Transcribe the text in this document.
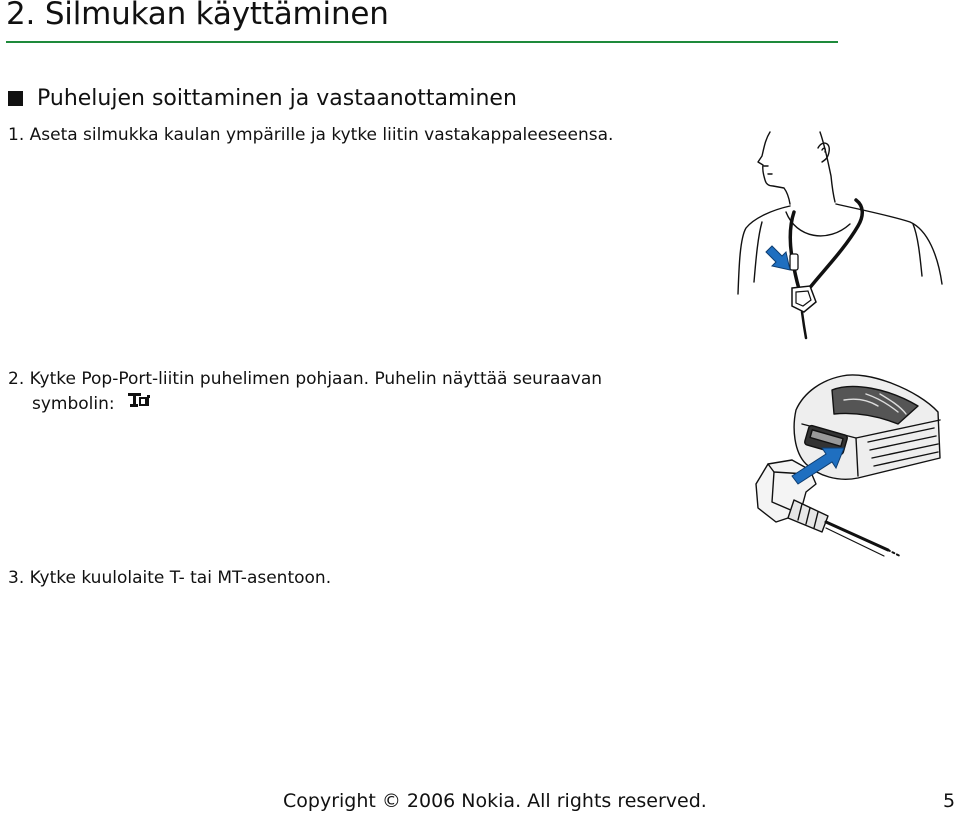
2. Silmukan käyttäminen
Puhelujen soittaminen ja vastaanottaminen
1. Aseta silmukka kaulan ympärille ja kytke liitin vastakappaleeseensa.
2. Kytke Pop-Port-liitin puhelimen pohjaan. Puhelin näyttää seuraavan
symbolin:
3. Kytke kuulolaite T- tai MT-asentoon.
Copyright © 2006 Nokia. All rights reserved.	5
